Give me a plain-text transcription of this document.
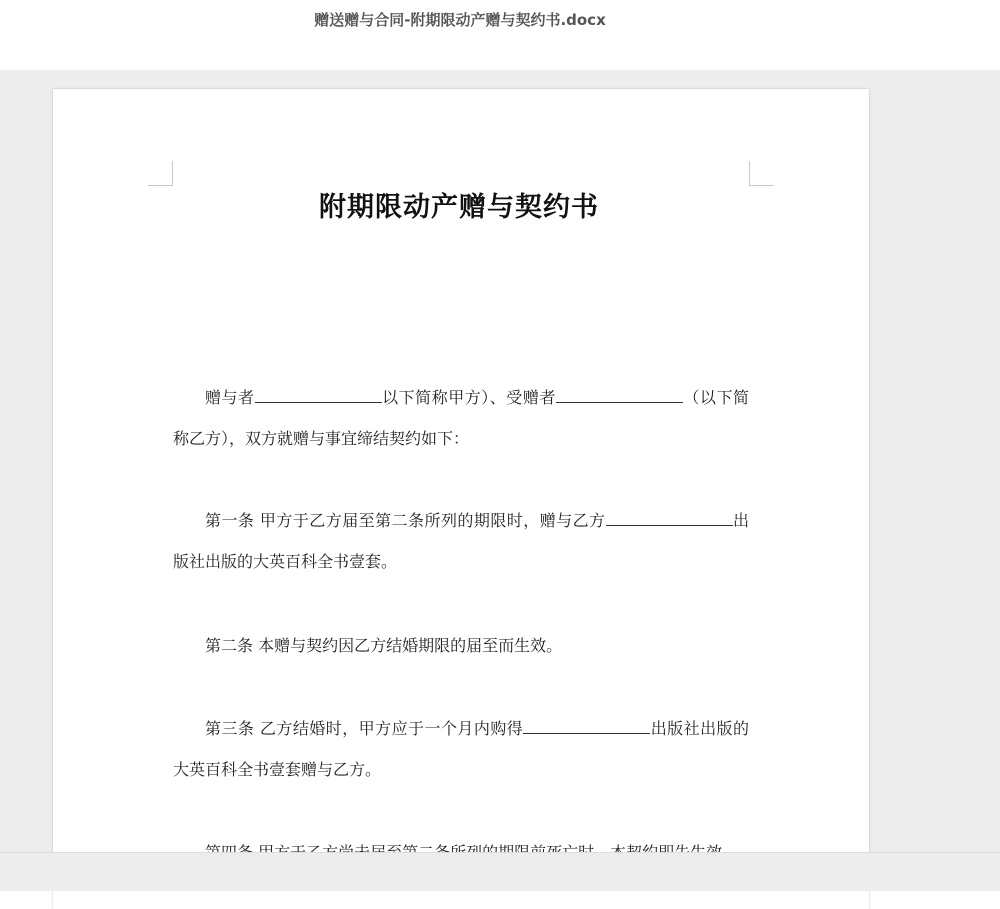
赠送赠与合同-附期限动产赠与契约书.docx
附期限动产赠与契约书
赠与者	以下简称甲方）、受赠者	（以下简称乙方），双方就赠与事宜缔结契约如下：
第一条 甲方于乙方届至第二条所列的期限时，赠与乙方	出版社出版的大英百科全书壹套。
第二条 本赠与契约因乙方结婚期限的届至而生效。
第三条 乙方结婚时，甲方应于一个月内购得	出版社出版的大英百科全书壹套赠与乙方。
